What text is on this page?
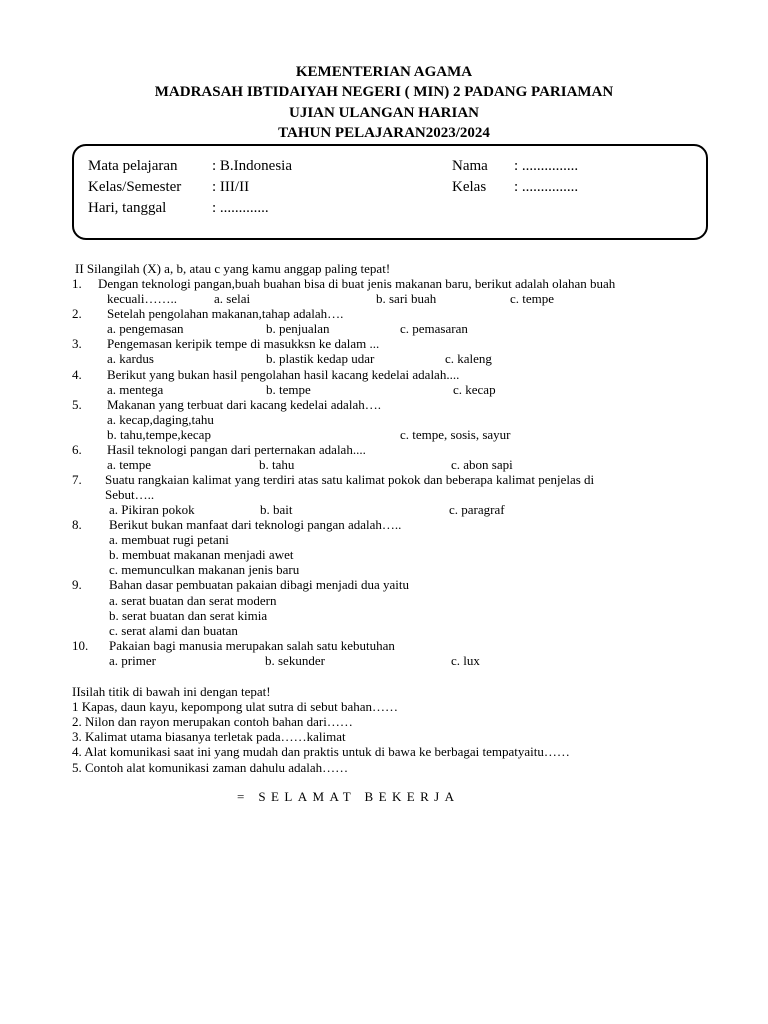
KEMENTERIAN AGAMA
MADRASAH IBTIDAIYAH NEGERI ( MIN) 2 PADANG PARIAMAN
UJIAN ULANGAN HARIAN
TAHUN PELAJARAN2023/2024
Mata pelajaran : B.Indonesia
Kelas/Semester : III/II
Hari, tanggal	: .............
Nama : ...............
Kelas : ...............
II Silangilah (X) a, b, atau c yang kamu anggap paling tepat!
1. Dengan teknologi pangan,buah buahan bisa di buat jenis makanan baru, berikut adalah olahan buah
kecuali……..	a. selai	b. sari buah	c. tempe
2. Setelah pengolahan makanan,tahap adalah….
a. pengemasan	b. penjualan	c. pemasaran
3. Pengemasan keripik tempe di masukksn ke dalam ...
a. kardus	b. plastik kedap udar	c. kaleng
4. Berikut yang bukan hasil pengolahan hasil kacang kedelai adalah....
a. mentega	b. tempe	c. kecap
5. Makanan yang terbuat dari kacang kedelai adalah….
a. kecap,daging,tahu
b. tahu,tempe,kecap	c. tempe, sosis, sayur
6. Hasil teknologi pangan dari perternakan adalah....
a. tempe	b. tahu	c. abon sapi
7. Suatu rangkaian kalimat yang terdiri atas satu kalimat pokok dan beberapa kalimat penjelas di
Sebut…..
a. Pikiran pokok	b. bait	c. paragraf
8. Berikut bukan manfaat dari teknologi pangan adalah…..
a. membuat rugi petani
b. membuat makanan menjadi awet
c. memunculkan makanan jenis baru
9. Bahan dasar pembuatan pakaian dibagi menjadi dua yaitu
a. serat buatan dan serat modern
b. serat buatan dan serat kimia
c. serat alami dan buatan
10. Pakaian bagi manusia merupakan salah satu kebutuhan
a. primer	b. sekunder	c. lux
IIsilah titik di bawah ini dengan tepat!
1 Kapas, daun kayu, kepompong ulat sutra di sebut bahan……
2. Nilon dan rayon merupakan contoh bahan dari……
3. Kalimat utama biasanya terletak pada……kalimat
4. Alat komunikasi saat ini yang mudah dan praktis untuk di bawa ke berbagai tempatyaitu……
5. Contoh alat komunikasi zaman dahulu adalah……
= SELAMAT BEKERJA
